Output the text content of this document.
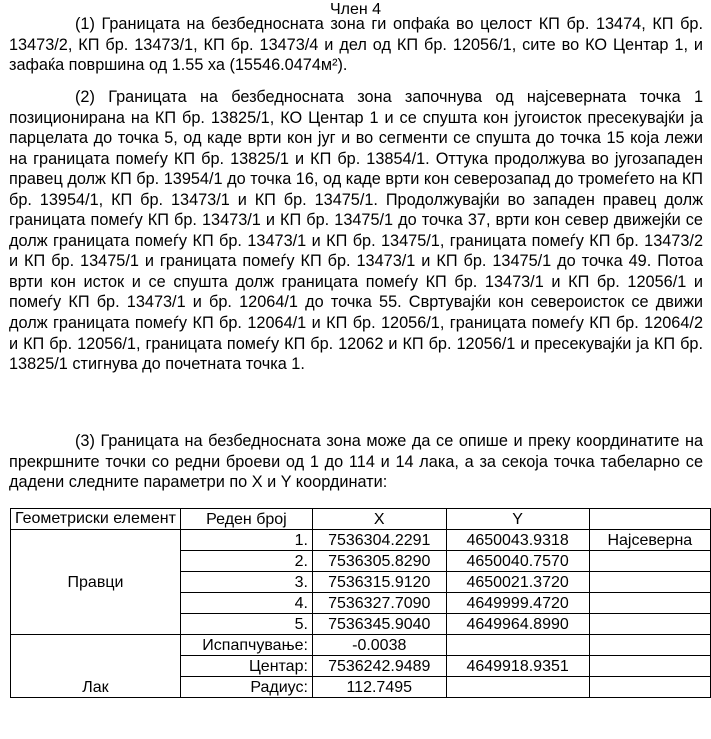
Член 4

(1) Границата на безбедносната зона ги опфаќа во целост КП бр. 13474, КП бр. 13473/2, КП бр. 13473/1, КП бр. 13473/4 и дел од КП бр. 12056/1, сите во КО Центар 1, и зафаќа површина од 1.55 ха (15546.0474м²).

(2) Границата на безбедносната зона започнува од најсеверната точка 1 позиционирана на КП бр. 13825/1, КО Центар 1 и се спушта кон југоисток пресекувајќи ја парцелата до точка 5, од каде врти кон југ и во сегменти се спушта до точка 15 која лежи на границата помеѓу КП бр. 13825/1 и КП бр. 13854/1. Оттука продолжува во југозападен правец долж КП бр. 13954/1 до точка 16, од каде врти кон северозапад до тромеѓето на КП бр. 13954/1, КП бр. 13473/1 и КП бр. 13475/1. Продолжувајќи во западен правец долж границата помеѓу КП бр. 13473/1 и КП бр. 13475/1 до точка 37, врти кон север движејќи се долж границата помеѓу КП бр. 13473/1 и КП бр. 13475/1, границата помеѓу КП бр. 13473/2 и КП бр. 13475/1 и границата помеѓу КП бр. 13473/1 и КП бр. 13475/1 до точка 49. Потоа врти кон исток и се спушта долж границата помеѓу КП бр. 13473/1 и КП бр. 12056/1 и помеѓу КП бр. 13473/1 и бр. 12064/1 до точка 55. Свртувајќи кон североисток се движи долж границата помеѓу КП бр. 12064/1 и КП бр. 12056/1, границата помеѓу КП бр. 12064/2 и КП бр. 12056/1, границата помеѓу КП бр. 12062 и КП бр. 12056/1 и пресекувајќи ја КП бр. 13825/1 стигнува до почетната точка 1.

(3) Границата на безбедносната зона може да се опише и преку координатите на прекршните точки со редни броеви од 1 до 114 и 14 лака, а за секоја точка табеларно се дадени следните параметри по X и Y координати:

Геометриски елемент	Реден број	X	Y	
Правци	1.	7536304.2291	4650043.9318	Најсеверна
	2.	7536305.8290	4650040.7570	
	3.	7536315.9120	4650021.3720	
	4.	7536327.7090	4649999.4720	
	5.	7536345.9040	4649964.8990	
Лак	Испапчување:	-0.0038		
	Центар:	7536242.9489	4649918.9351	
	Радиус:	112.7495		
